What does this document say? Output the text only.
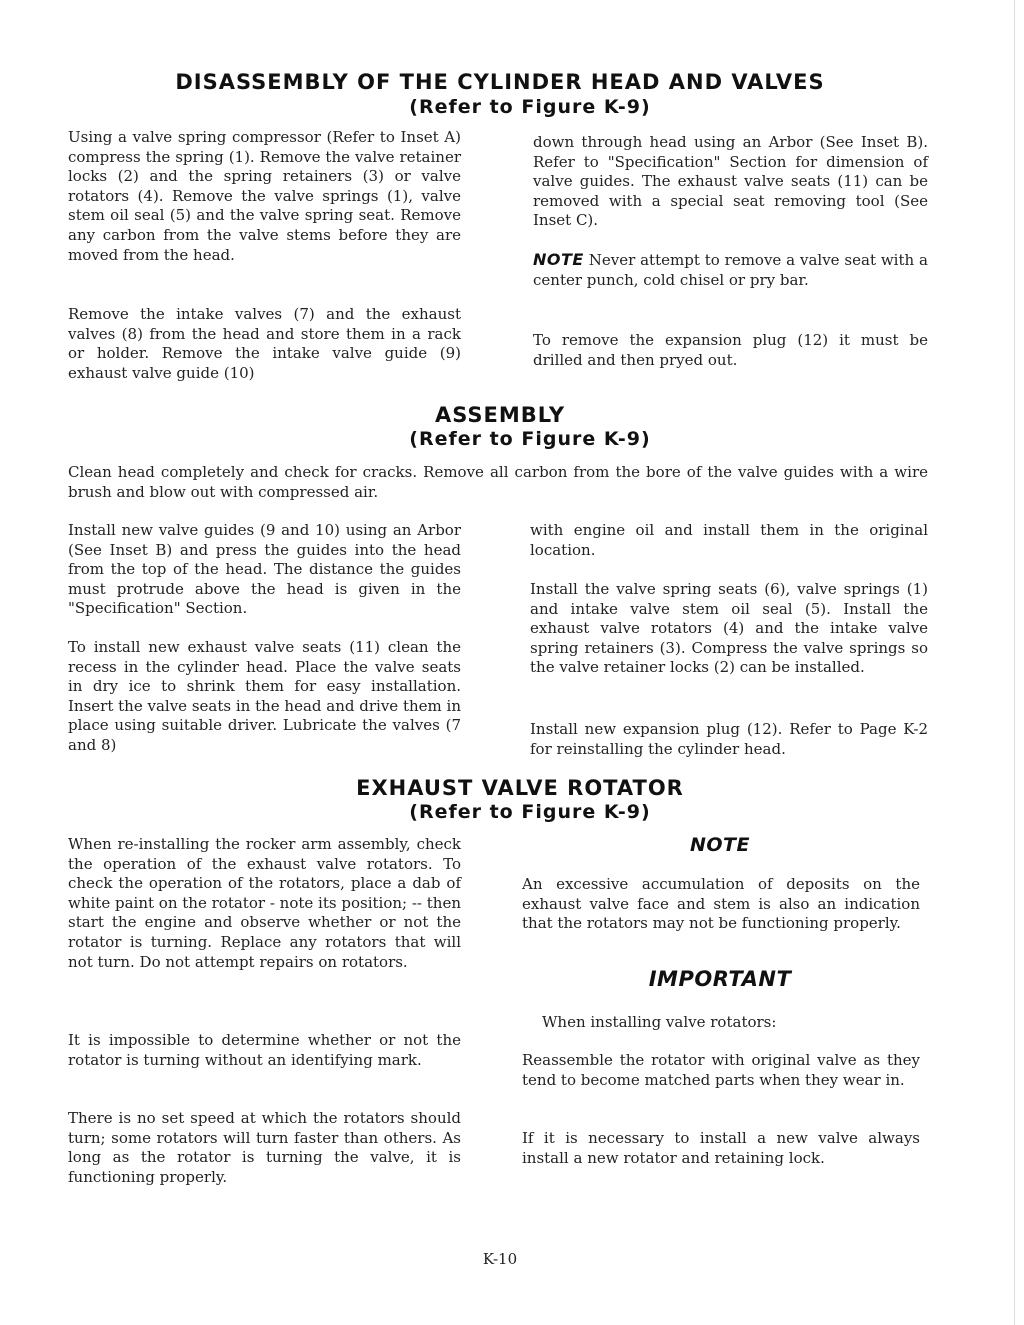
DISASSEMBLY OF THE CYLINDER HEAD AND VALVES
(Refer to Figure K-9)

Using a valve spring compressor (Refer to Inset A) compress the spring (1). Remove the valve retainer locks (2) and the spring retainers (3) or valve rotators (4). Remove the valve springs (1), valve stem oil seal (5) and the valve spring seat. Remove any carbon from the valve stems before they are moved from the head.

Remove the intake valves (7) and the exhaust valves (8) from the head and store them in a rack or holder. Remove the intake valve guide (9) exhaust valve guide (10)

down through head using an Arbor (See Inset B). Refer to "Specification" Section for dimension of valve guides. The exhaust valve seats (11) can be removed with a special seat removing tool (See Inset C).

NOTE Never attempt to remove a valve seat with a center punch, cold chisel or pry bar.

To remove the expansion plug (12) it must be drilled and then pryed out.

ASSEMBLY
(Refer to Figure K-9)

Clean head completely and check for cracks. Remove all carbon from the bore of the valve guides with a wire brush and blow out with compressed air.

Install new valve guides (9 and 10) using an Arbor (See Inset B) and press the guides into the head from the top of the head. The distance the guides must protrude above the head is given in the "Specification" Section.

To install new exhaust valve seats (11) clean the recess in the cylinder head. Place the valve seats in dry ice to shrink them for easy installation. Insert the valve seats in the head and drive them in place using suitable driver. Lubricate the valves (7 and 8)

with engine oil and install them in the original location.

Install the valve spring seats (6), valve springs (1) and intake valve stem oil seal (5). Install the exhaust valve rotators (4) and the intake valve spring retainers (3). Compress the valve springs so the valve retainer locks (2) can be installed.

Install new expansion plug (12). Refer to Page K-2 for reinstalling the cylinder head.

EXHAUST VALVE ROTATOR
(Refer to Figure K-9)

When re-installing the rocker arm assembly, check the operation of the exhaust valve rotators. To check the operation of the rotators, place a dab of white paint on the rotator - note its position; -- then start the engine and observe whether or not the rotator is turning. Replace any rotators that will not turn. Do not attempt repairs on rotators.

It is impossible to determine whether or not the rotator is turning without an identifying mark.

There is no set speed at which the rotators should turn; some rotators will turn faster than others. As long as the rotator is turning the valve, it is functioning properly.

NOTE

An excessive accumulation of deposits on the exhaust valve face and stem is also an indication that the rotators may not be functioning properly.

IMPORTANT

When installing valve rotators:

Reassemble the rotator with original valve as they tend to become matched parts when they wear in.

If it is necessary to install a new valve always install a new rotator and retaining lock.

K-10
